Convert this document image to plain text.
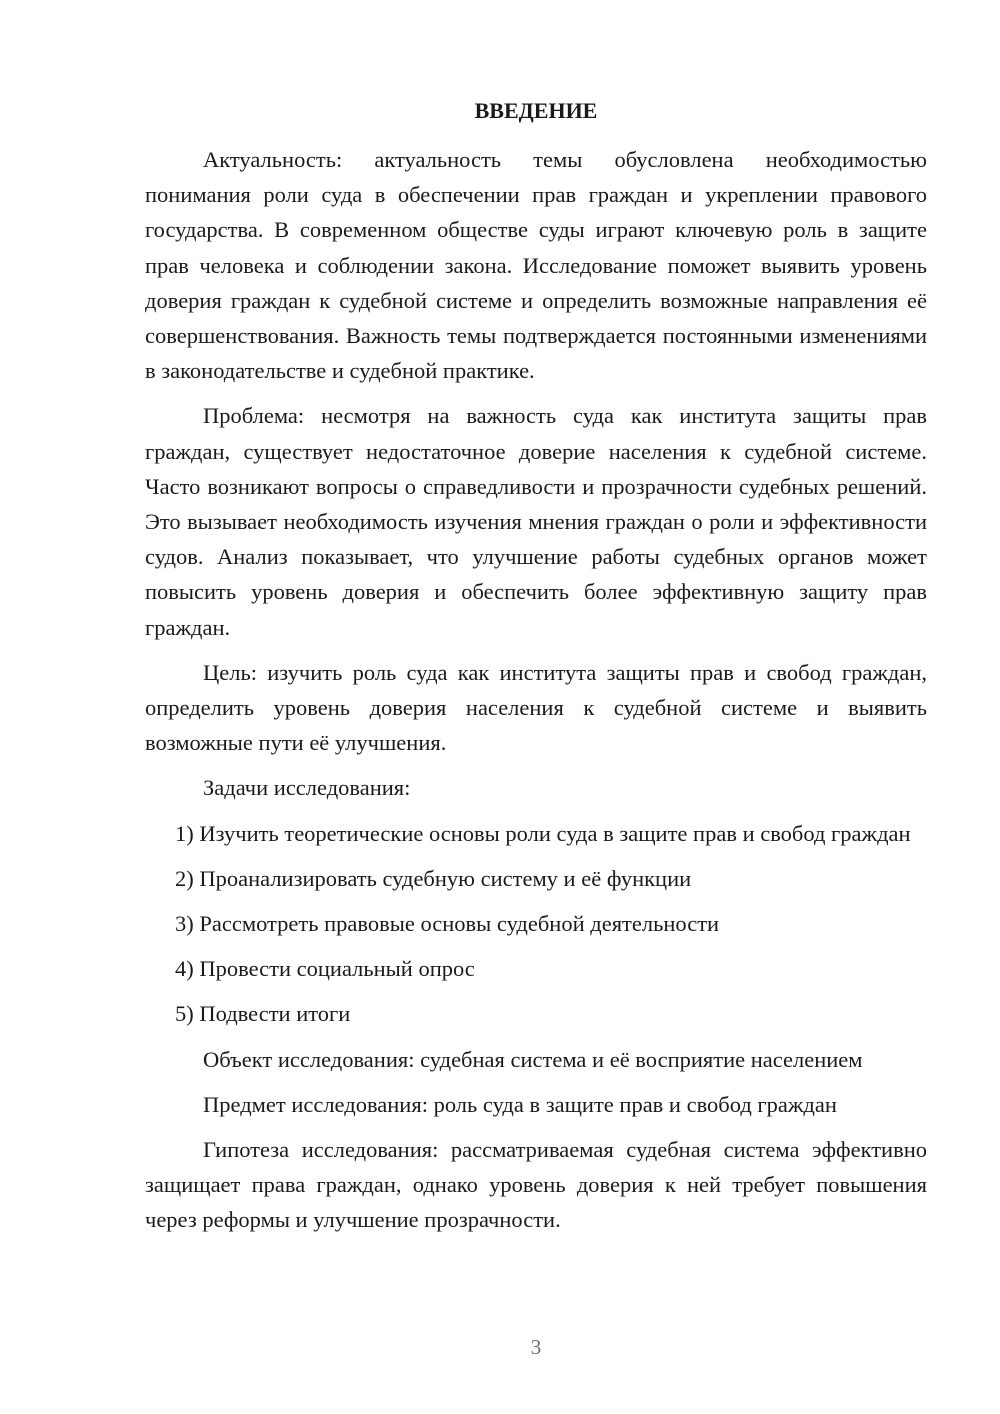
ВВЕДЕНИЕ

Актуальность: актуальность темы обусловлена необходимостью понимания роли суда в обеспечении прав граждан и укреплении правового государства. В современном обществе суды играют ключевую роль в защите прав человека и соблюдении закона. Исследование поможет выявить уровень доверия граждан к судебной системе и определить возможные направления её совершенствования. Важность темы подтверждается постоянными изменениями в законодательстве и судебной практике.

Проблема: несмотря на важность суда как института защиты прав граждан, существует недостаточное доверие населения к судебной системе. Часто возникают вопросы о справедливости и прозрачности судебных решений. Это вызывает необходимость изучения мнения граждан о роли и эффективности судов. Анализ показывает, что улучшение работы судебных органов может повысить уровень доверия и обеспечить более эффективную защиту прав граждан.

Цель: изучить роль суда как института защиты прав и свобод граждан, определить уровень доверия населения к судебной системе и выявить возможные пути её улучшения.

Задачи исследования:

1) Изучить теоретические основы роли суда в защите прав и свобод граждан

2) Проанализировать судебную систему и её функции

3) Рассмотреть правовые основы судебной деятельности

4) Провести социальный опрос

5) Подвести итоги

Объект исследования: судебная система и её восприятие населением

Предмет исследования: роль суда в защите прав и свобод граждан

Гипотеза исследования: рассматриваемая судебная система эффективно защищает права граждан, однако уровень доверия к ней требует повышения через реформы и улучшение прозрачности.

3
